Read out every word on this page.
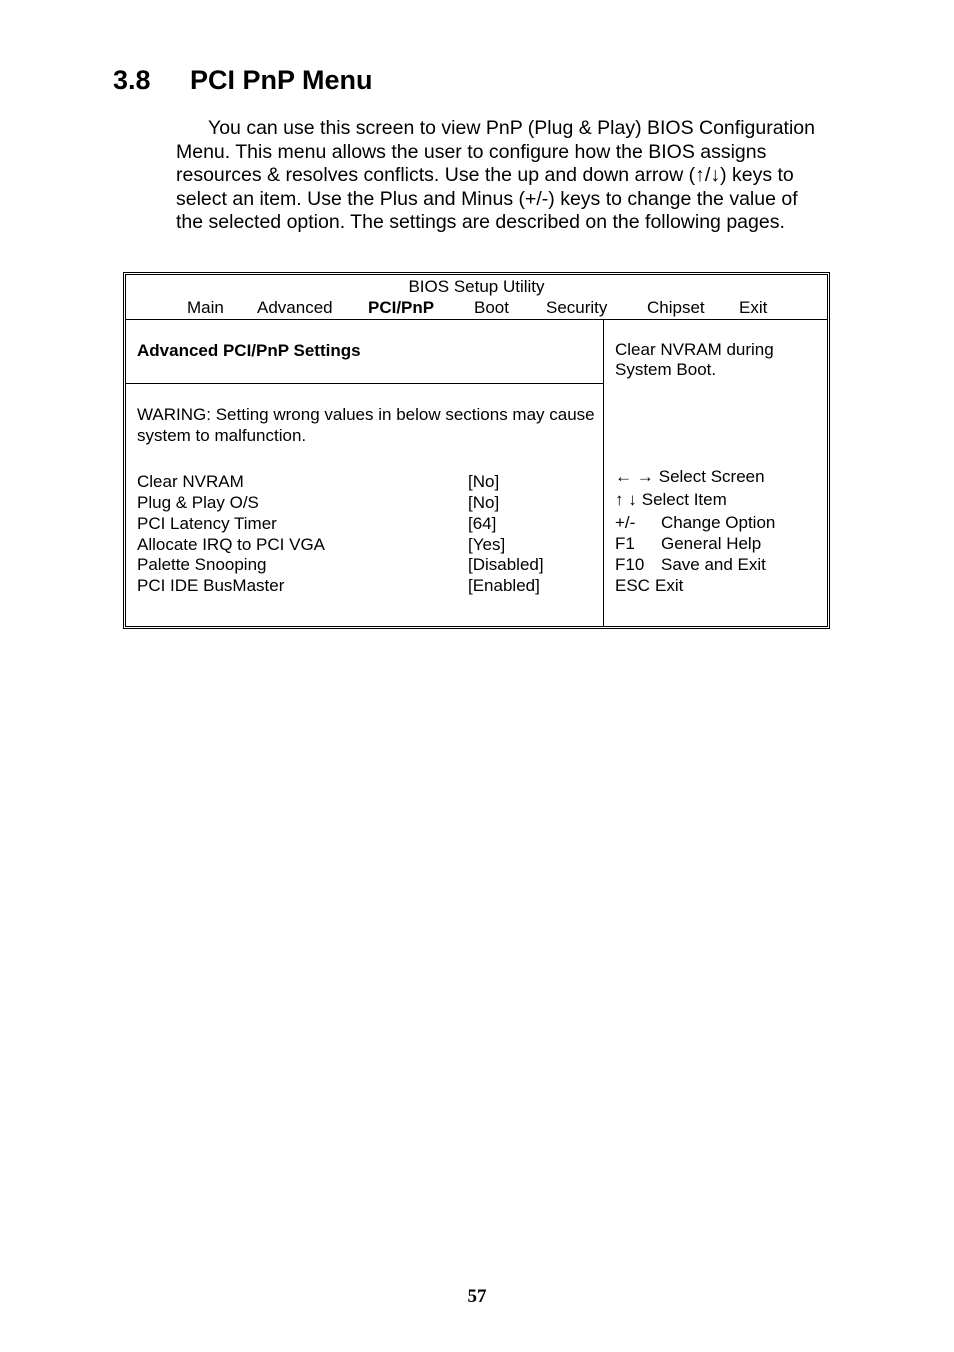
3.8 PCI PnP Menu

You can use this screen to view PnP (Plug & Play) BIOS Configuration Menu. This menu allows the user to configure how the BIOS assigns resources & resolves conflicts. Use the up and down arrow (↑/↓) keys to select an item. Use the Plus and Minus (+/-) keys to change the value of the selected option. The settings are described on the following pages.

BIOS Setup Utility
Main Advanced PCI/PnP Boot Security Chipset Exit
Advanced PCI/PnP Settings
WARING: Setting wrong values in below sections may cause system to malfunction.
Clear NVRAM	[No]
Plug & Play O/S	[No]
PCI Latency Timer	[64]
Allocate IRQ to PCI VGA	[Yes]
Palette Snooping	[Disabled]
PCI IDE BusMaster	[Enabled]
Clear NVRAM during System Boot.
← → Select Screen
↑ ↓ Select Item
+/- Change Option
F1 General Help
F10 Save and Exit
ESC Exit
57
